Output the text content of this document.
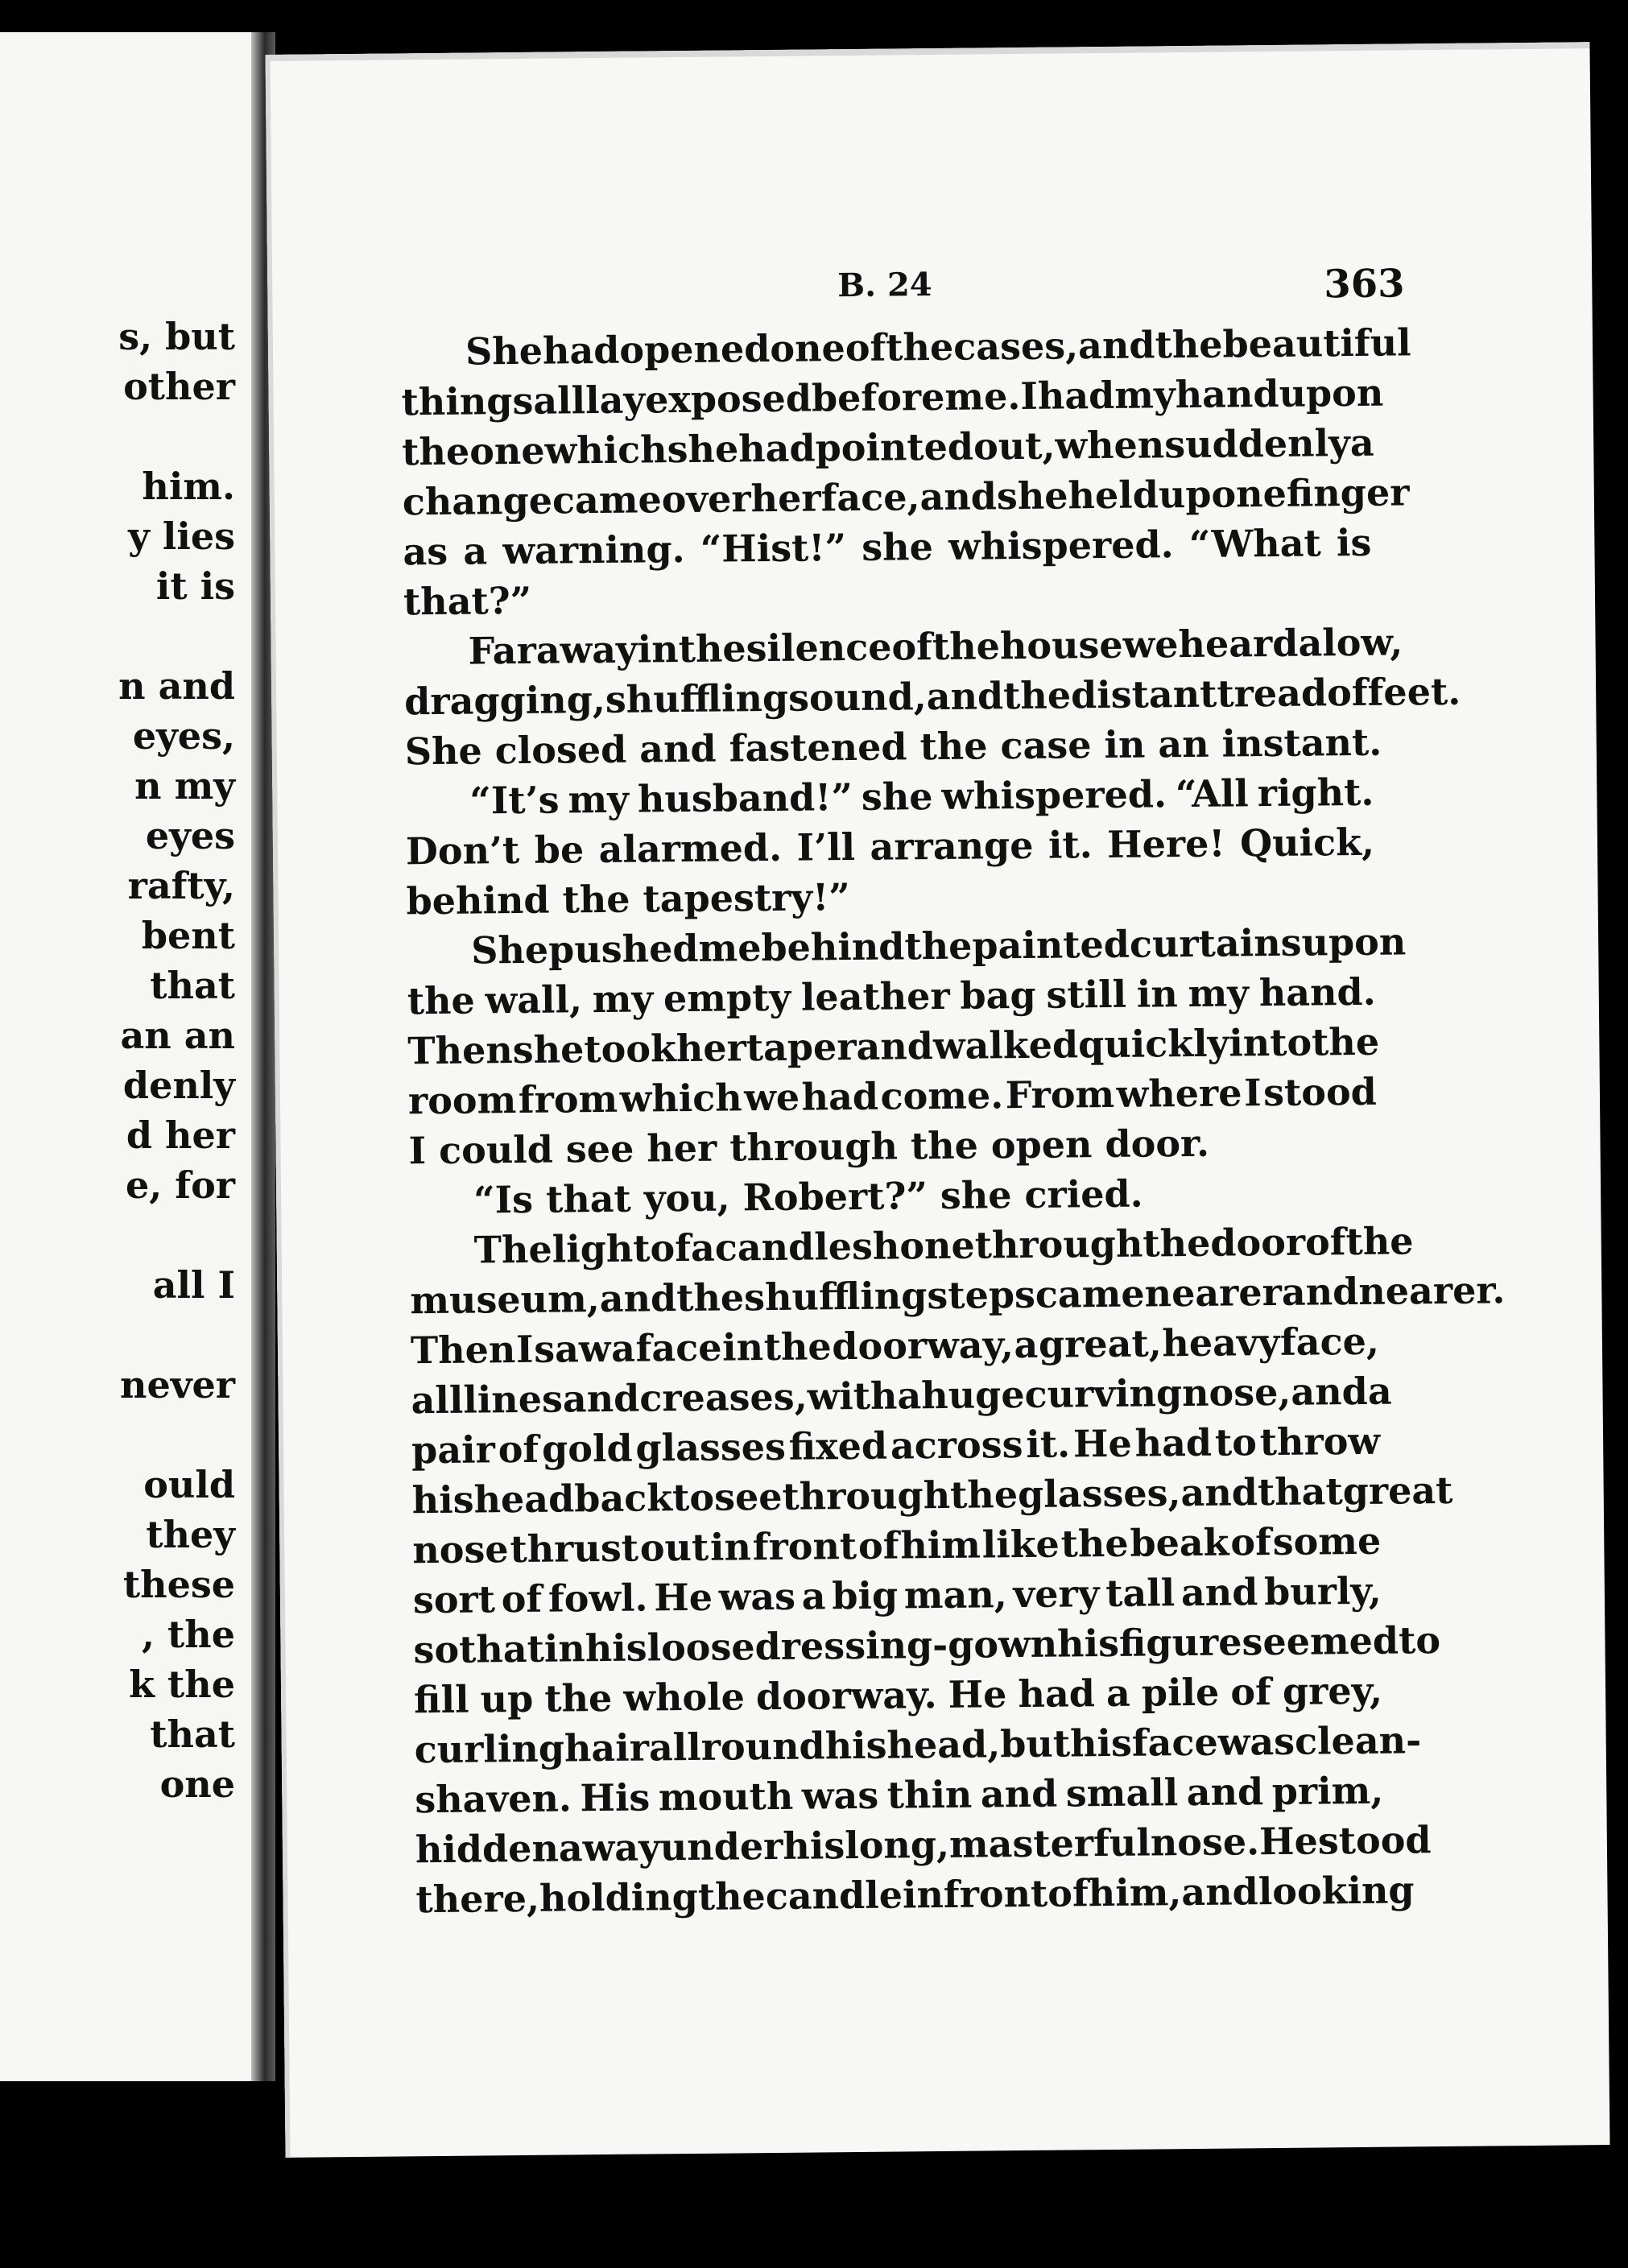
s, but
other
him.
y lies
it is
n and
eyes,
n my
eyes
rafty,
bent
that
an an
denly
d her
e, for
all I
never
ould
they
these
, the
k the
that
one
B. 24	363
She had opened one of the cases, and the beautiful
things all lay exposed before me. I had my hand upon
the one which she had pointed out, when suddenly a
change came over her face, and she held up one finger
as a warning. “Hist!” she whispered. “What is
that?”
Far away in the silence of the house we heard a low,
dragging, shuffling sound, and the distant tread of feet.
She closed and fastened the case in an instant.
“It’s my husband!” she whispered. “All right.
Don’t be alarmed. I’ll arrange it. Here! Quick,
behind the tapestry!”
She pushed me behind the painted curtains upon
the wall, my empty leather bag still in my hand.
Then she took her taper and walked quickly into the
room from which we had come. From where I stood
I could see her through the open door.
“Is that you, Robert?” she cried.
The light of a candle shone through the door of the
museum, and the shuffling steps came nearer and nearer.
Then I saw a face in the doorway, a great, heavy face,
all lines and creases, with a huge curving nose, and a
pair of gold glasses fixed across it. He had to throw
his head back to see through the glasses, and that great
nose thrust out in front of him like the beak of some
sort of fowl. He was a big man, very tall and burly,
so that in his loose dressing-gown his figure seemed to
fill up the whole doorway. He had a pile of grey,
curling hair all round his head, but his face was clean-
shaven. His mouth was thin and small and prim,
hidden away under his long, masterful nose. He stood
there, holding the candle in front of him, and looking
